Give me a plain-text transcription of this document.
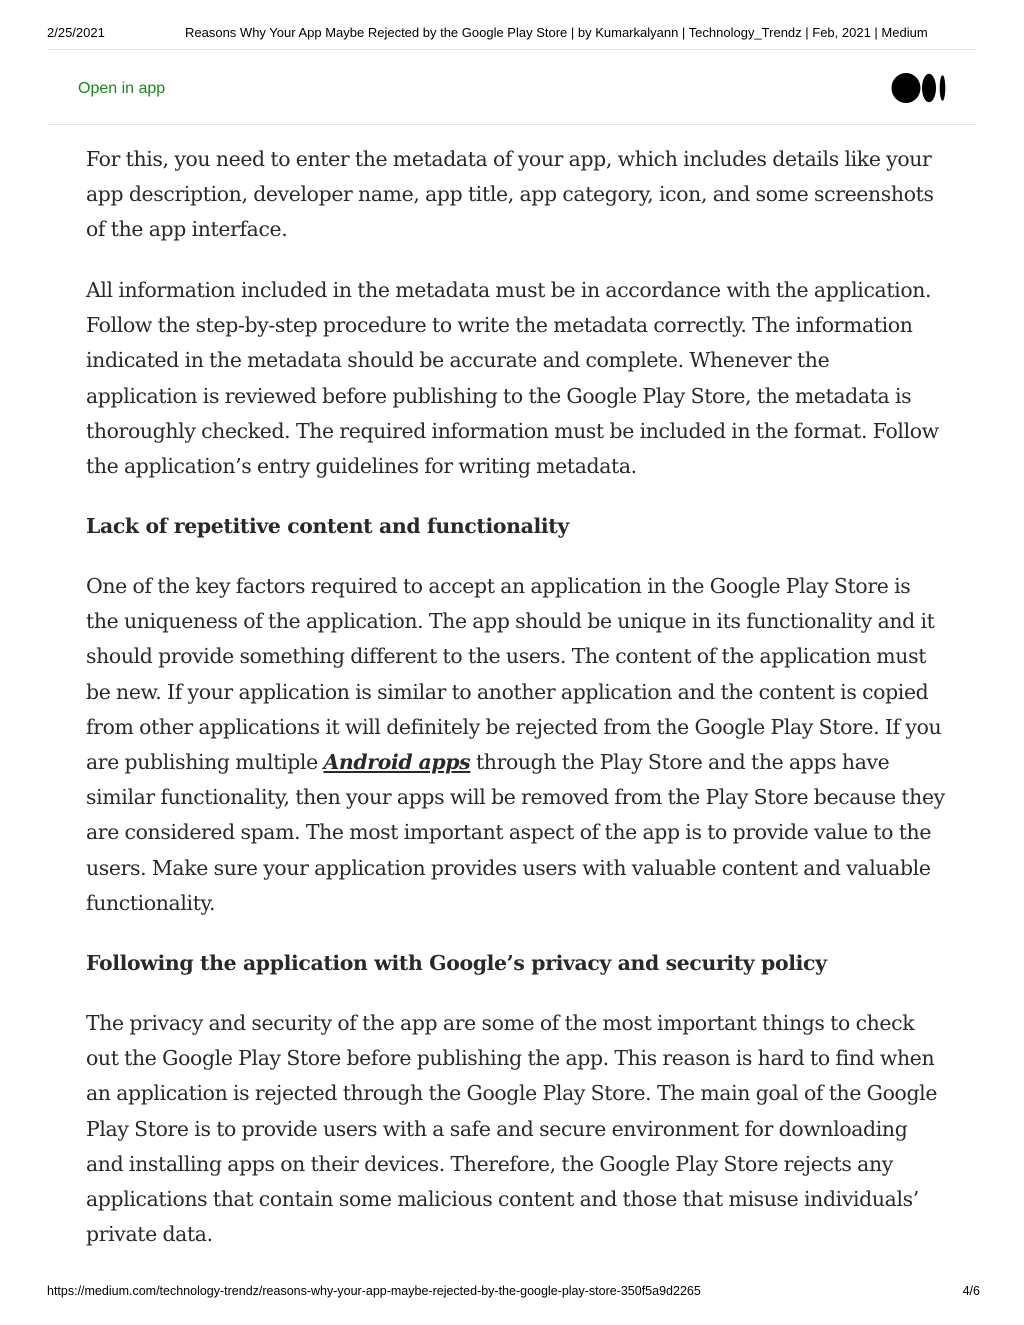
2/25/2021	Reasons Why Your App Maybe Rejected by the Google Play Store | by Kumarkalyann | Technology_Trendz | Feb, 2021 | Medium
Open in app

For this, you need to enter the metadata of your app, which includes details like your app description, developer name, app title, app category, icon, and some screenshots of the app interface.

All information included in the metadata must be in accordance with the application. Follow the step-by-step procedure to write the metadata correctly. The information indicated in the metadata should be accurate and complete. Whenever the application is reviewed before publishing to the Google Play Store, the metadata is thoroughly checked. The required information must be included in the format. Follow the application’s entry guidelines for writing metadata.

Lack of repetitive content and functionality

One of the key factors required to accept an application in the Google Play Store is the uniqueness of the application. The app should be unique in its functionality and it should provide something different to the users. The content of the application must be new. If your application is similar to another application and the content is copied from other applications it will definitely be rejected from the Google Play Store. If you are publishing multiple Android apps through the Play Store and the apps have similar functionality, then your apps will be removed from the Play Store because they are considered spam. The most important aspect of the app is to provide value to the users. Make sure your application provides users with valuable content and valuable functionality.

Following the application with Google’s privacy and security policy

The privacy and security of the app are some of the most important things to check out the Google Play Store before publishing the app. This reason is hard to find when an application is rejected through the Google Play Store. The main goal of the Google Play Store is to provide users with a safe and secure environment for downloading and installing apps on their devices. Therefore, the Google Play Store rejects any applications that contain some malicious content and those that misuse individuals’ private data.

https://medium.com/technology-trendz/reasons-why-your-app-maybe-rejected-by-the-google-play-store-350f5a9d2265	4/6
